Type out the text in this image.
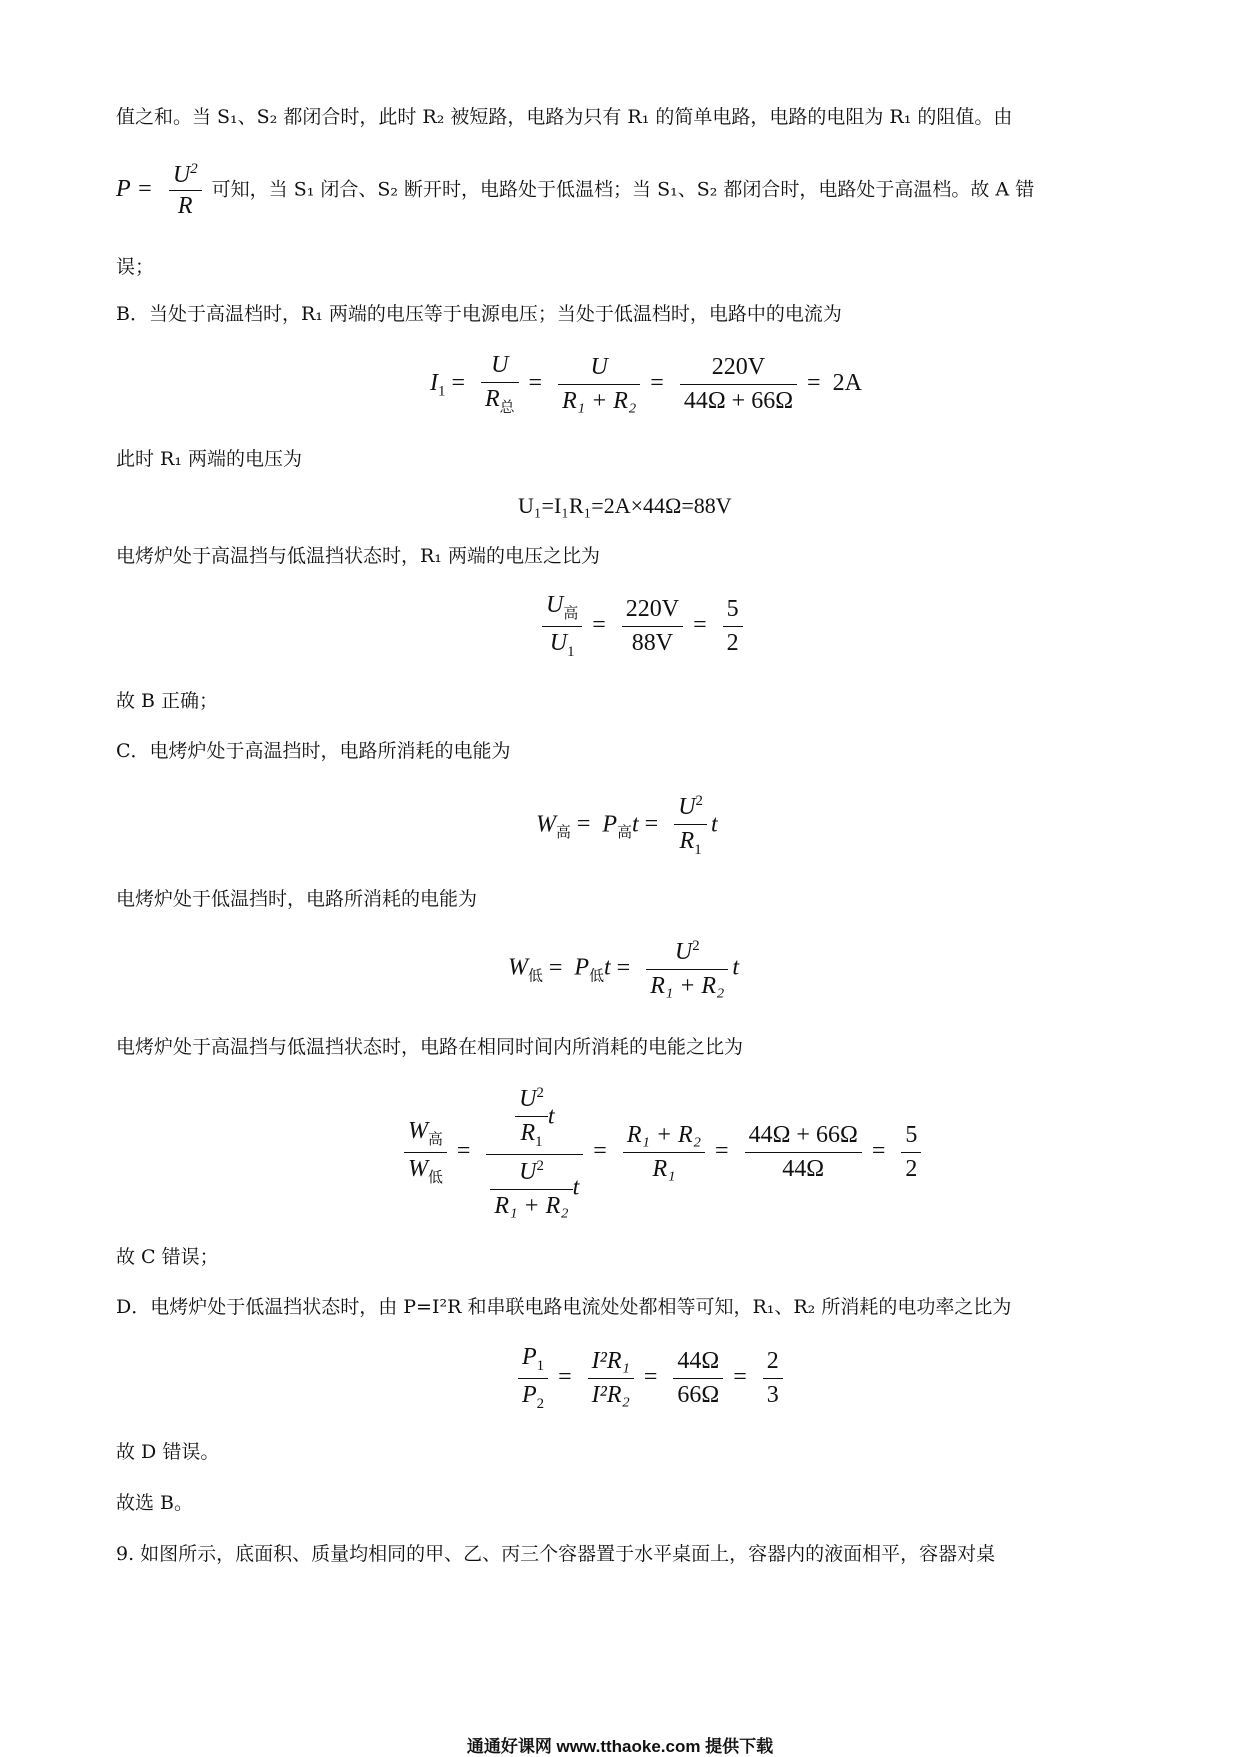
值之和。当 S₁、S₂ 都闭合时，此时 R₂ 被短路，电路为只有 R₁ 的简单电路，电路的电阻为 R₁ 的阻值。由
$P = \frac{U^2}{R}$ 可知，当 S₁ 闭合、S₂ 断开时，电路处于低温档；当 S₁、S₂ 都闭合时，电路处于高温档。故 A 错
误；
B．当处于高温档时，R₁ 两端的电压等于电源电压；当处于低温档时，电路中的电流为
$I_1 = \frac{U}{R_总} = \frac{U}{\text{R₁ + R₂}} = \frac{220V}{44\Omega + 66\Omega} = 2A$
此时 R₁ 两端的电压为
U₁=I₁R₁=2A×44Ω=88V
电烤炉处于高温挡与低温挡状态时，R₁ 两端的电压之比为
$\frac{U_高}{U_1} = \frac{220V}{88V} = \frac{5}{2}$
故 B 正确；
C．电烤炉处于高温挡时，电路所消耗的电能为
$W_高 = P_高t = \frac{U^2}{R_1}$ t
电烤炉处于低温挡时，电路所消耗的电能为
$W_低 = P_低t = \frac{U^2}{\text{R₁ + R₂}}$ t
电烤炉处于高温挡与低温挡状态时，电路在相同时间内所消耗的电能之比为
$\frac{W_高}{W_低} = \frac{\frac{U^2}{R_1} t}{\frac{U^2}{\text{R₁ + R₂}} t} = \frac{\text{R₁ + R₂}}{\text{R₁}} = \frac{44\Omega + 66\Omega}{44\Omega} = \frac{5}{2}$
故 C 错误；
D．电烤炉处于低温挡状态时，由 P=I²R 和串联电路电流处处都相等可知，R₁、R₂ 所消耗的电功率之比为
$\frac{P_1}{P_2} = \frac{\text{I²R₁}}{\text{I²R₂}} = \frac{44\Omega}{66\Omega} = \frac{2}{3}$
故 D 错误。
故选 B。
9. 如图所示，底面积、质量均相同的甲、乙、丙三个容器置于水平桌面上，容器内的液面相平，容器对桌
通通好课网 www.tthaoke.com 提供下载
